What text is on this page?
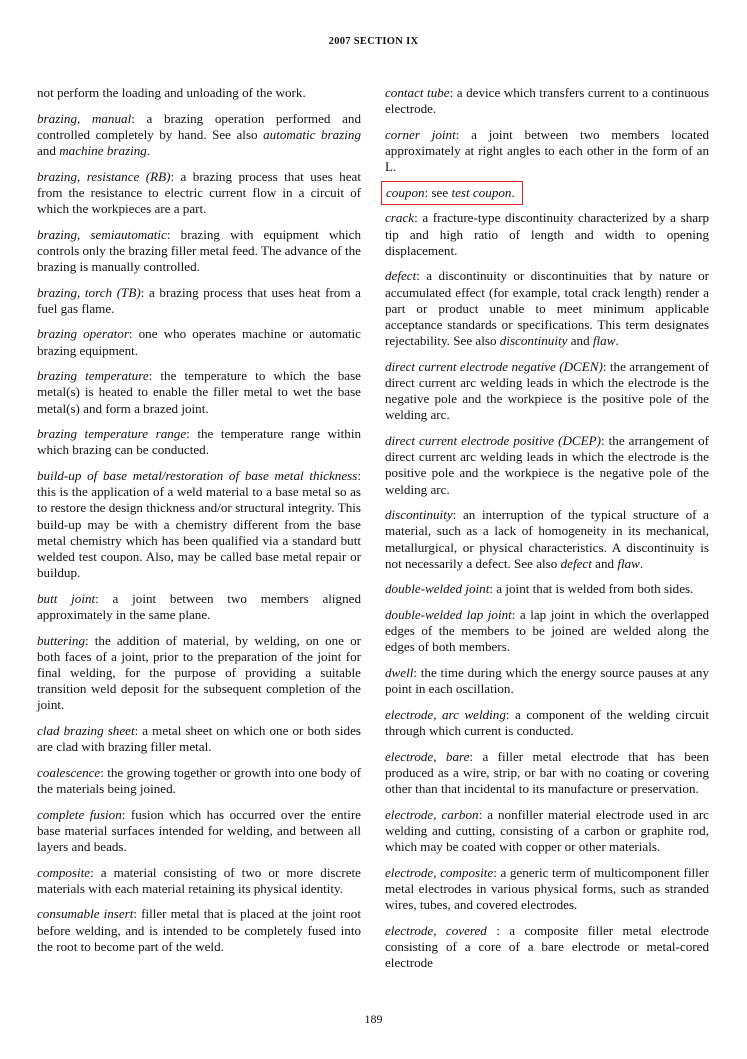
2007 SECTION IX

not perform the loading and unloading of the work.

brazing, manual: a brazing operation performed and controlled completely by hand. See also automatic brazing and machine brazing.

brazing, resistance (RB): a brazing process that uses heat from the resistance to electric current flow in a circuit of which the workpieces are a part.

brazing, semiautomatic: brazing with equipment which controls only the brazing filler metal feed. The advance of the brazing is manually controlled.

brazing, torch (TB): a brazing process that uses heat from a fuel gas flame.

brazing operator: one who operates machine or automatic brazing equipment.

brazing temperature: the temperature to which the base metal(s) is heated to enable the filler metal to wet the base metal(s) and form a brazed joint.

brazing temperature range: the temperature range within which brazing can be conducted.

build-up of base metal/restoration of base metal thickness: this is the application of a weld material to a base metal so as to restore the design thickness and/or structural integrity. This build-up may be with a chemistry different from the base metal chemistry which has been qualified via a standard butt welded test coupon. Also, may be called base metal repair or buildup.

butt joint: a joint between two members aligned approximately in the same plane.

buttering: the addition of material, by welding, on one or both faces of a joint, prior to the preparation of the joint for final welding, for the purpose of providing a suitable transition weld deposit for the subsequent completion of the joint.

clad brazing sheet: a metal sheet on which one or both sides are clad with brazing filler metal.

coalescence: the growing together or growth into one body of the materials being joined.

complete fusion: fusion which has occurred over the entire base material surfaces intended for welding, and between all layers and beads.

composite: a material consisting of two or more discrete materials with each material retaining its physical identity.

consumable insert: filler metal that is placed at the joint root before welding, and is intended to be completely fused into the root to become part of the weld.

contact tube: a device which transfers current to a continuous electrode.

corner joint: a joint between two members located approximately at right angles to each other in the form of an L.

coupon: see test coupon.

crack: a fracture-type discontinuity characterized by a sharp tip and high ratio of length and width to opening displacement.

defect: a discontinuity or discontinuities that by nature or accumulated effect (for example, total crack length) render a part or product unable to meet minimum applicable acceptance standards or specifications. This term designates rejectability. See also discontinuity and flaw.

direct current electrode negative (DCEN): the arrangement of direct current arc welding leads in which the electrode is the negative pole and the workpiece is the positive pole of the welding arc.

direct current electrode positive (DCEP): the arrangement of direct current arc welding leads in which the electrode is the positive pole and the workpiece is the negative pole of the welding arc.

discontinuity: an interruption of the typical structure of a material, such as a lack of homogeneity in its mechanical, metallurgical, or physical characteristics. A discontinuity is not necessarily a defect. See also defect and flaw.

double-welded joint: a joint that is welded from both sides.

double-welded lap joint: a lap joint in which the overlapped edges of the members to be joined are welded along the edges of both members.

dwell: the time during which the energy source pauses at any point in each oscillation.

electrode, arc welding: a component of the welding circuit through which current is conducted.

electrode, bare: a filler metal electrode that has been produced as a wire, strip, or bar with no coating or covering other than that incidental to its manufacture or preservation.

electrode, carbon: a nonfiller material electrode used in arc welding and cutting, consisting of a carbon or graphite rod, which may be coated with copper or other materials.

electrode, composite: a generic term of multicomponent filler metal electrodes in various physical forms, such as stranded wires, tubes, and covered electrodes.

electrode, covered : a composite filler metal electrode consisting of a core of a bare electrode or metal-cored electrode

189
